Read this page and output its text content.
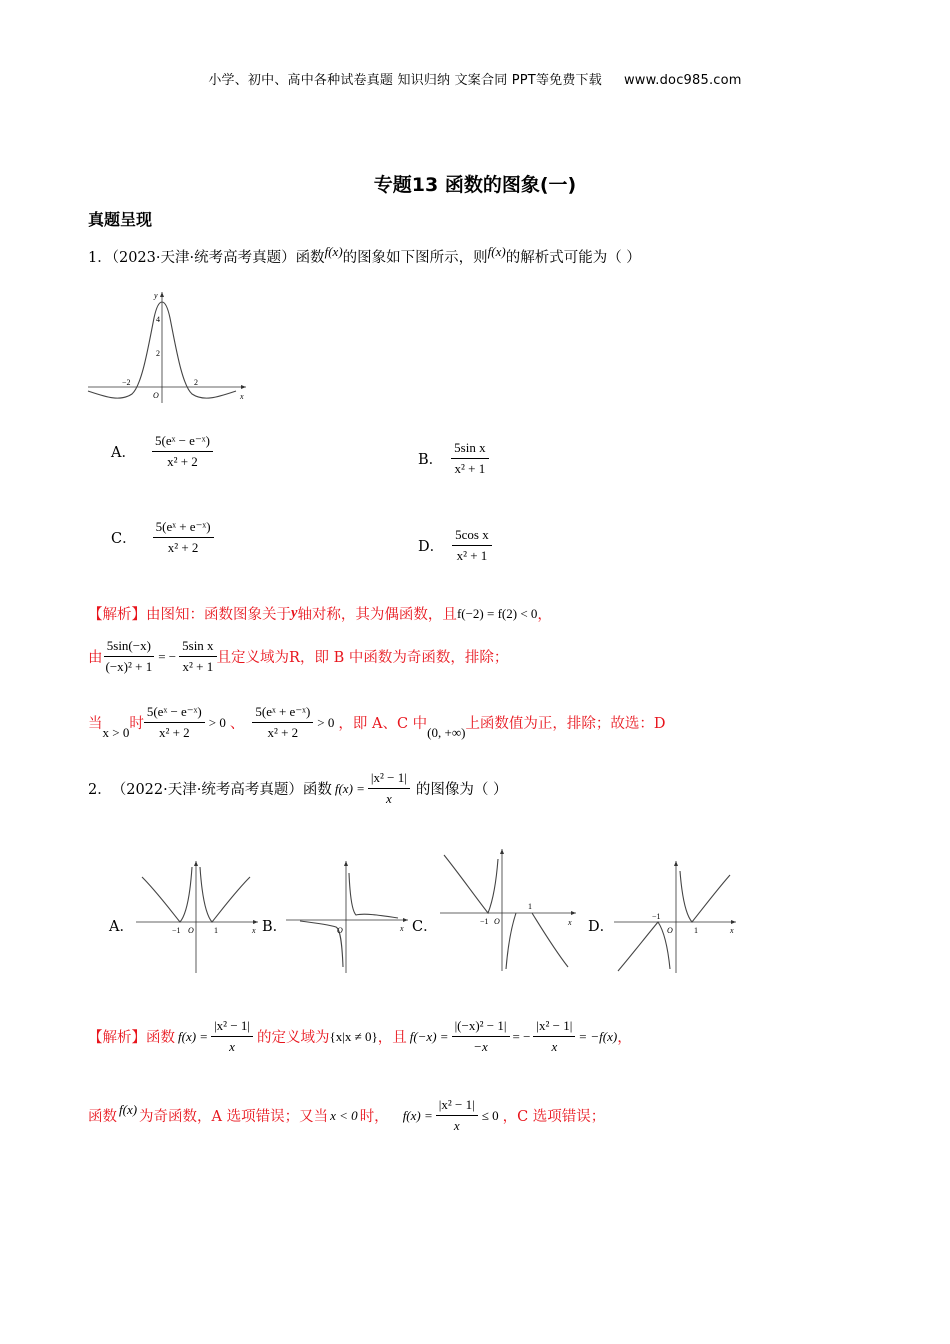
小学、初中、高中各种试卷真题 知识归纳 文案合同 PPT等免费下载 www.doc985.com
专题13 函数的图象(一)
真题呈现
1．（2023·天津·统考高考真题）函数f(x)的图象如下图所示，则f(x)的解析式可能为（ ）
4
2
−2	2
O	x
y
A． $\frac{\text{5(eˣ − e⁻ˣ)}}{\text{x² + 2}}$	B． $\frac{\text{5sin x}}{\text{x² + 1}}$
C． $\frac{\text{5(eˣ + e⁻ˣ)}}{\text{x² + 2}}$	D． $\frac{\text{5cos x}}{\text{x² + 1}}$
【解析】由图知：函数图象关于 y 轴对称，其为偶函数，且 f(−2) = f(2) < 0 ，
由 $\frac{5\sin(-x)}{\text{(−x)² + 1}}$ = − $\frac{\text{5sin x}}{\text{x² + 1}}$ 且定义域为R，即 B 中函数为奇函数，排除；
当 x > 0 时 $\frac{\text{5(eˣ − e⁻ˣ)}}{\text{x² + 2}} > 0$ 、 $\frac{\text{5(eˣ + e⁻ˣ)}}{\text{x² + 2}} > 0$ ，即 A、C 中 (0, +∞) 上函数值为正，排除；故选：D
2． （2022·天津·统考高考真题）函数 $f(x) = \frac{\text{|x² − 1|}}{x}$ 的图像为（ ）
A．	−1	1
O	x B．	O	x C．	−1
1
O	x D．
−1
1
O	x
【解析】函数 $f(x) = \frac{\text{|x² − 1|}}{x}$ 的定义域为 {x|x ≠ 0} ，且 $f(-x) = \frac{\text{|(−x)² − 1|}}{-x}$ = − $\frac{\text{|x² − 1|}}{x} = -f(x)$ ，
函数 f(x) 为奇函数，A 选项错误；又当 x < 0 时， $f(x) = \frac{\text{|x² − 1|}}{x} \le 0$ ，C 选项错误；
